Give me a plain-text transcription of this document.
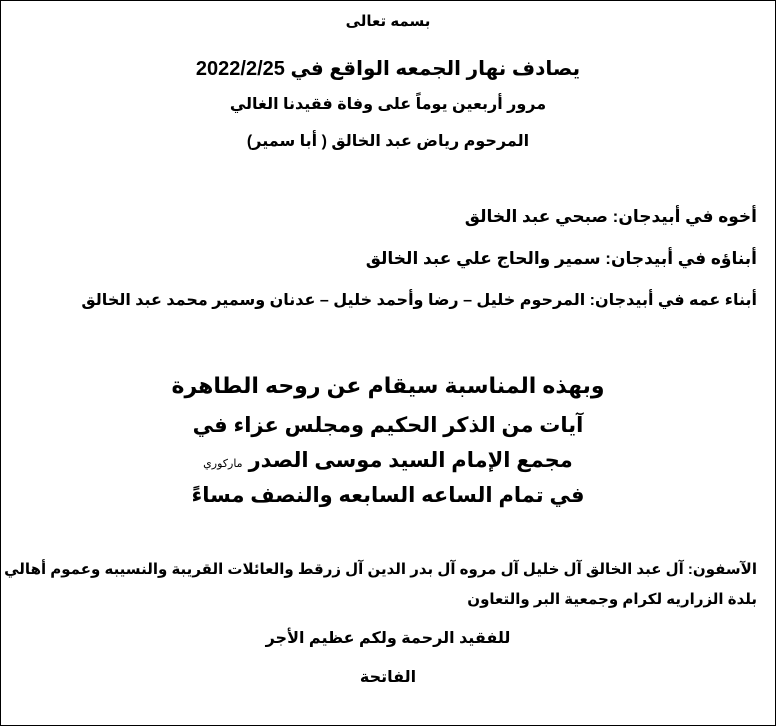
بسمه تعالى
يصادف نهار الجمعه الواقع في 2022/2/25
مرور أربعين يوماً على وفاة فقيدنا الغالي
المرحوم رياض عبد الخالق ( أبا سمير)
أخوه في أبيدجان: صبحي عبد الخالق
أبناؤه في أبيدجان: سمير والحاج علي عبد الخالق
أبناء عمه في أبيدجان: المرحوم خليل – رضا وأحمد خليل – عدنان وسمير محمد عبد الخالق
وبهذه المناسبة سيقام عن روحه الطاهرة
آيات من الذكر الحكيم ومجلس عزاء في
مجمع الإمام السيد موسى الصدرماركوري
في تمام الساعه السابعه والنصف مساءً
الآسفون: آل عبد الخالق آل خليل آل مروه آل بدر الدين آل زرقط والعائلات القريبة والنسيبه وعموم أهالي
بلدة الزراريه لكرام وجمعية البر والتعاون
للفقيد الرحمة ولكم عظيم الأجر
الفاتحة
